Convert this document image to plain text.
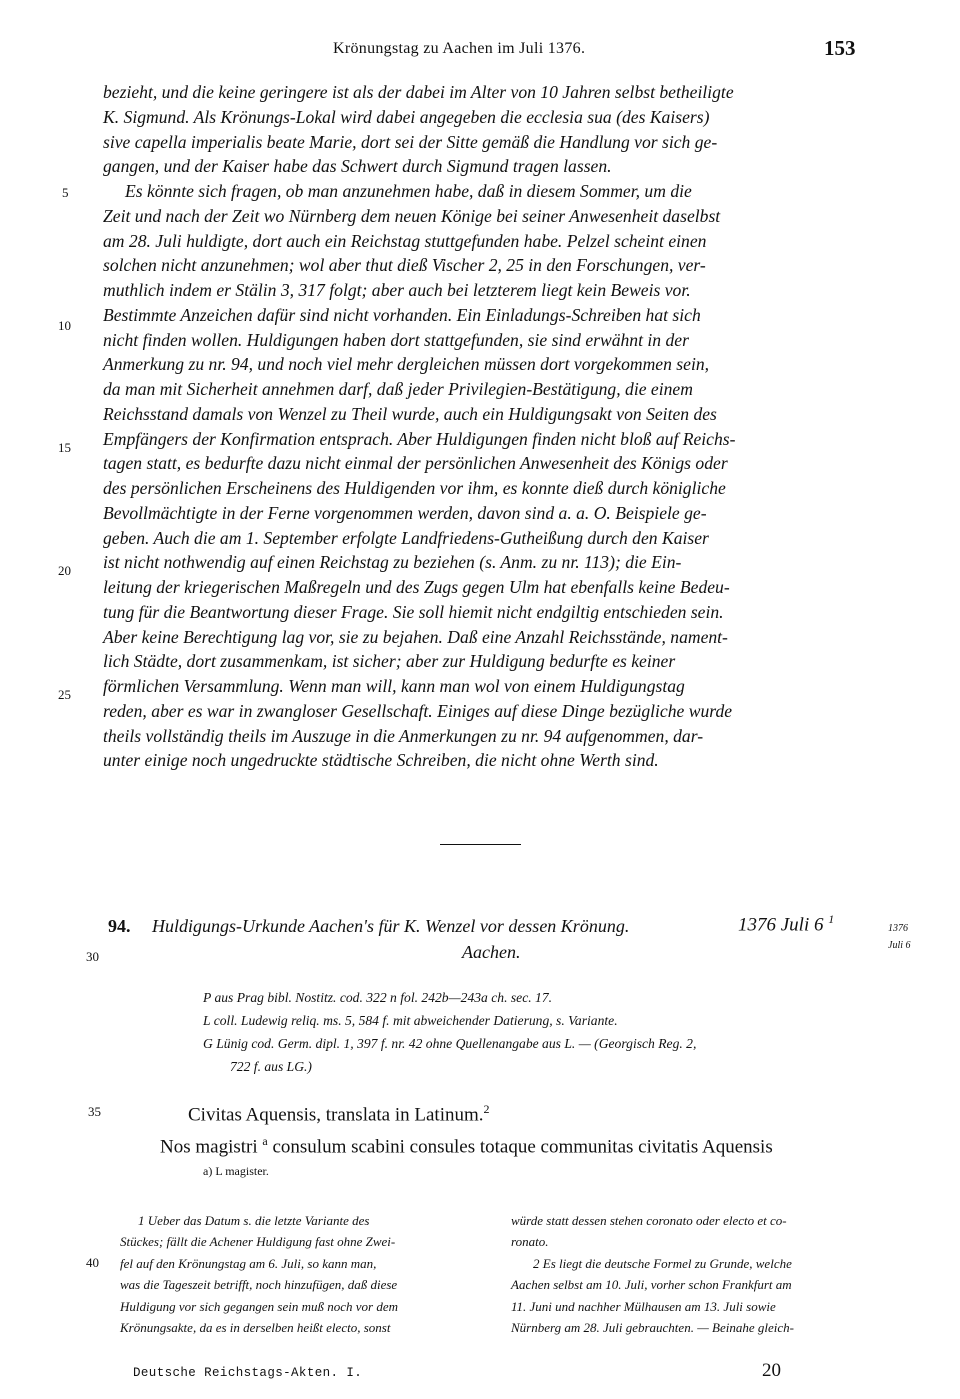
Krönungstag zu Aachen im Juli 1376.	153
bezieht, und die keine geringere ist als der dabei im Alter von 10 Jahren selbst betheiligte
K. Sigmund. Als Krönungs-Lokal wird dabei angegeben die ecclesia sua (des Kaisers)
sive capella imperialis beate Marie, dort sei der Sitte gemäß die Handlung vor sich ge-
gangen, und der Kaiser habe das Schwert durch Sigmund tragen lassen.
Es könnte sich fragen, ob man anzunehmen habe, daß in diesem Sommer, um die
Zeit und nach der Zeit wo Nürnberg dem neuen Könige bei seiner Anwesenheit daselbst
am 28. Juli huldigte, dort auch ein Reichstag stuttgefunden habe. Pelzel scheint einen
solchen nicht anzunehmen; wol aber thut dieß Vischer 2, 25 in den Forschungen, ver-
muthlich indem er Stälin 3, 317 folgt; aber auch bei letzterem liegt kein Beweis vor.
Bestimmte Anzeichen dafür sind nicht vorhanden. Ein Einladungs-Schreiben hat sich
nicht finden wollen. Huldigungen haben dort stattgefunden, sie sind erwähnt in der
Anmerkung zu nr. 94, und noch viel mehr dergleichen müssen dort vorgekommen sein,
da man mit Sicherheit annehmen darf, daß jeder Privilegien-Bestätigung, die einem
Reichsstand damals von Wenzel zu Theil wurde, auch ein Huldigungsakt von Seiten des
Empfängers der Konfirmation entsprach. Aber Huldigungen finden nicht bloß auf Reichs-
tagen statt, es bedurfte dazu nicht einmal der persönlichen Anwesenheit des Königs oder
des persönlichen Erscheinens des Huldigenden vor ihm, es konnte dieß durch königliche
Bevollmächtigte in der Ferne vorgenommen werden, davon sind a. a. O. Beispiele ge-
geben. Auch die am 1. September erfolgte Landfriedens-Gutheißung durch den Kaiser
ist nicht nothwendig auf einen Reichstag zu beziehen (s. Anm. zu nr. 113); die Ein-
leitung der kriegerischen Maßregeln und des Zugs gegen Ulm hat ebenfalls keine Bedeu-
tung für die Beantwortung dieser Frage. Sie soll hiemit nicht endgiltig entschieden sein.
Aber keine Berechtigung lag vor, sie zu bejahen. Daß eine Anzahl Reichsstände, nament-
lich Städte, dort zusammenkam, ist sicher; aber zur Huldigung bedurfte es keiner
förmlichen Versammlung. Wenn man will, kann man wol von einem Huldigungstag
reden, aber es war in zwangloser Gesellschaft. Einiges auf diese Dinge bezügliche wurde
theils vollständig theils im Auszuge in die Anmerkungen zu nr. 94 aufgenommen, dar-
unter einige noch ungedruckte städtische Schreiben, die nicht ohne Werth sind.
5
10
15
20
25
94. Huldigungs-Urkunde Aachen's für K. Wenzel vor dessen Krönung.	1376 Juli 6 $^1$
Aachen.
1376
Juli 6
30
P aus Prag bibl. Nostitz. cod. 322 n fol. 242b—243a ch. sec. 17.
L coll. Ludewig reliq. ms. 5, 584 f. mit abweichender Datierung, s. Variante.
G Lünig cod. Germ. dipl. 1, 397 f. nr. 42 ohne Quellenangabe aus L. — (Georgisch Reg. 2,
722 f. aus LG.)
35	Civitas Aquensis, translata in Latinum.$^2$
Nos magistri $^a$ consulum scabini consules totaque communitas civitatis Aquensis
a) L magister.
40
1 Ueber das Datum s. die letzte Variante des
Stückes; fällt die Achener Huldigung fast ohne Zwei-
fel auf den Krönungstag am 6. Juli, so kann man,
was die Tageszeit betrifft, noch hinzufügen, daß diese
Huldigung vor sich gegangen sein muß noch vor dem
Krönungsakte, da es in derselben heißt electo, sonst
würde statt dessen stehen coronato oder electo et co-
ronato.
2 Es liegt die deutsche Formel zu Grunde, welche
Aachen selbst am 10. Juli, vorher schon Frankfurt am
11. Juni und nachher Mülhausen am 13. Juli sowie
Nürnberg am 28. Juli gebrauchten. — Beinahe gleich-
Deutsche Reichstags-Akten. I.	20
